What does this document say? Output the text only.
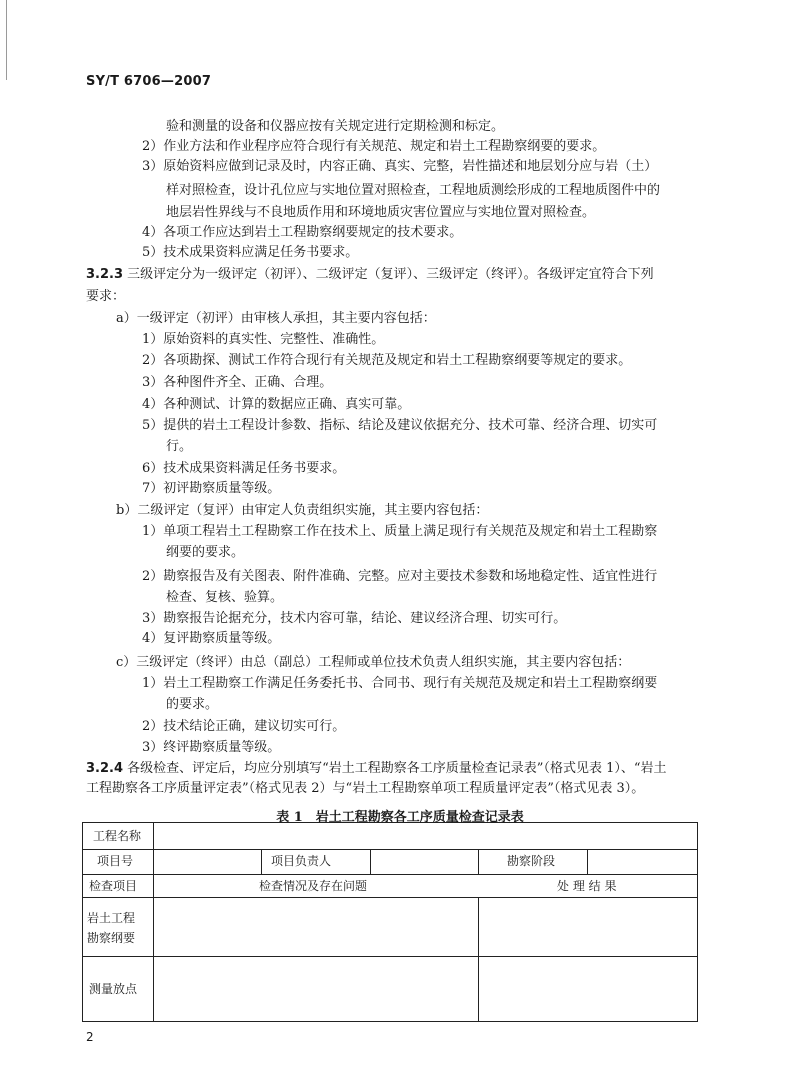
SY/T 6706—2007
验和测量的设备和仪器应按有关规定进行定期检测和标定。
2）作业方法和作业程序应符合现行有关规范、规定和岩土工程勘察纲要的要求。
3）原始资料应做到记录及时，内容正确、真实、完整，岩性描述和地层划分应与岩（土）
样对照检查，设计孔位应与实地位置对照检查，工程地质测绘形成的工程地质图件中的
地层岩性界线与不良地质作用和环境地质灾害位置应与实地位置对照检查。
4）各项工作应达到岩土工程勘察纲要规定的技术要求。
5）技术成果资料应满足任务书要求。
3.2.3 三级评定分为一级评定（初评）、二级评定（复评）、三级评定（终评）。各级评定宜符合下列
要求：
a）一级评定（初评）由审核人承担，其主要内容包括：
1）原始资料的真实性、完整性、准确性。
2）各项勘探、测试工作符合现行有关规范及规定和岩土工程勘察纲要等规定的要求。
3）各种图件齐全、正确、合理。
4）各种测试、计算的数据应正确、真实可靠。
5）提供的岩土工程设计参数、指标、结论及建议依据充分、技术可靠、经济合理、切实可
行。
6）技术成果资料满足任务书要求。
7）初评勘察质量等级。
b）二级评定（复评）由审定人负责组织实施，其主要内容包括：
1）单项工程岩土工程勘察工作在技术上、质量上满足现行有关规范及规定和岩土工程勘察
纲要的要求。
2）勘察报告及有关图表、附件准确、完整。应对主要技术参数和场地稳定性、适宜性进行
检查、复核、验算。
3）勘察报告论据充分，技术内容可靠，结论、建议经济合理、切实可行。
4）复评勘察质量等级。
c）三级评定（终评）由总（副总）工程师或单位技术负责人组织实施，其主要内容包括：
1）岩土工程勘察工作满足任务委托书、合同书、现行有关规范及规定和岩土工程勘察纲要
的要求。
2）技术结论正确，建议切实可行。
3）终评勘察质量等级。
3.2.4 各级检查、评定后，均应分别填写“岩土工程勘察各工序质量检查记录表”（格式见表 1）、“岩土
工程勘察各工序质量评定表”（格式见表 2）与“岩土工程勘察单项工程质量评定表”（格式见表 3）。
表 1　岩土工程勘察各工序质量检查记录表
工程名称
项目号	项目负责人	勘察阶段
检查项目	检查情况及存在问题	处 理 结 果
岩土工程
勘察纲要
测量放点
2
